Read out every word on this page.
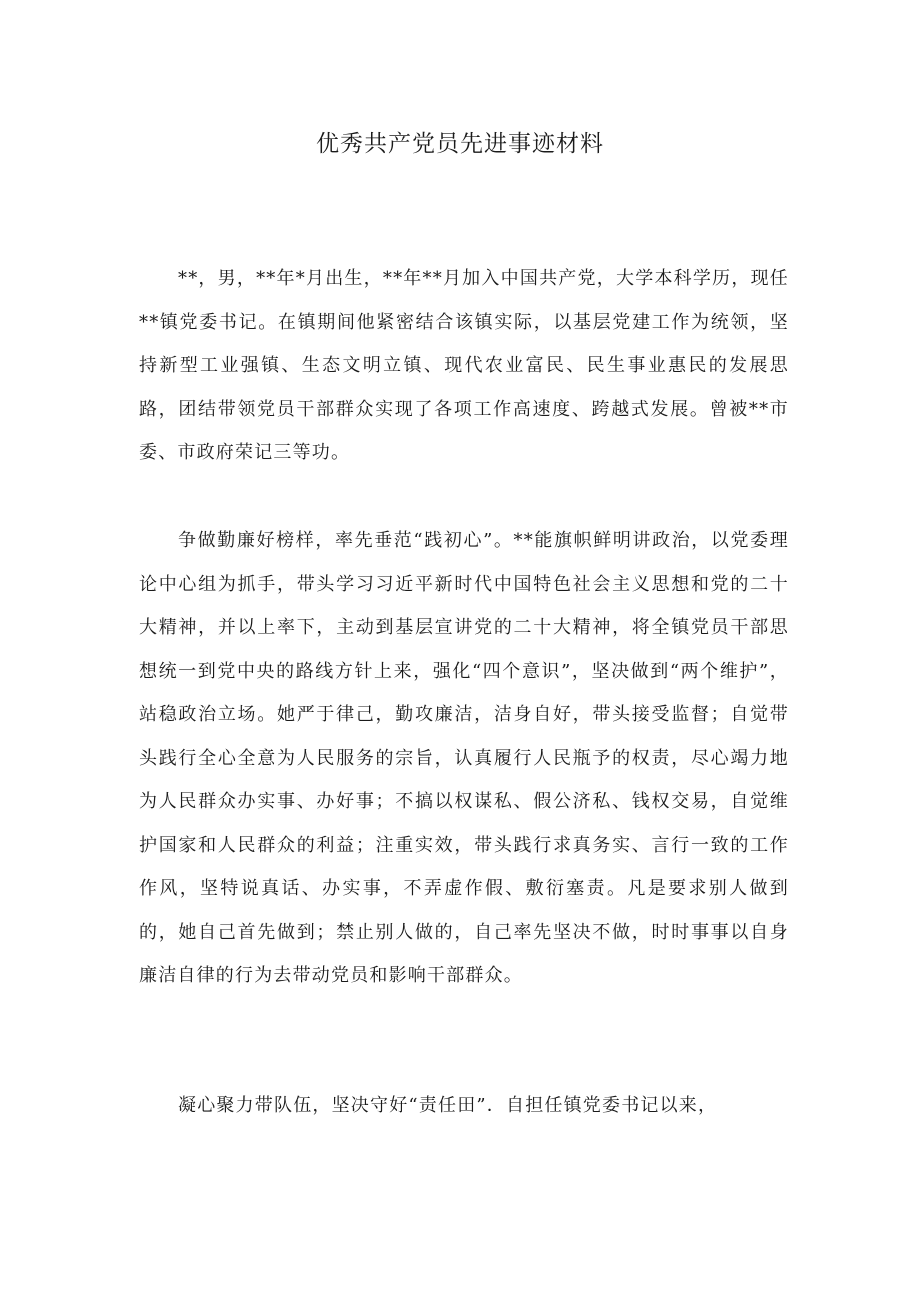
优秀共产党员先进事迹材料

**，男，**年*月出生，**年**月加入中国共产党，大学本科学历，现任**镇党委书记。在镇期间他紧密结合该镇实际，以基层党建工作为统领，坚持新型工业强镇、生态文明立镇、现代农业富民、民生事业惠民的发展思路，团结带领党员干部群众实现了各项工作高速度、跨越式发展。曾被**市委、市政府荣记三等功。

争做勤廉好榜样，率先垂范“践初心”。**能旗帜鲜明讲政治，以党委理论中心组为抓手，带头学习习近平新时代中国特色社会主义思想和党的二十大精神，并以上率下，主动到基层宣讲党的二十大精神，将全镇党员干部思想统一到党中央的路线方针上来，强化“四个意识”，坚决做到“两个维护”，站稳政治立场。她严于律己，勤攻廉洁，洁身自好，带头接受监督；自觉带头践行全心全意为人民服务的宗旨，认真履行人民瓶予的权责，尽心竭力地为人民群众办实事、办好事；不搞以权谋私、假公济私、钱权交易，自觉维护国家和人民群众的利益；注重实效，带头践行求真务实、言行一致的工作作风，坚特说真话、办实事，不弄虚作假、敷衍塞责。凡是要求别人做到的，她自己首先做到；禁止别人做的，自己率先坚决不做，时时事事以自身廉洁自律的行为去带动党员和影响干部群众。

凝心聚力带队伍，坚决守好“责任田”．自担任镇党委书记以来，
